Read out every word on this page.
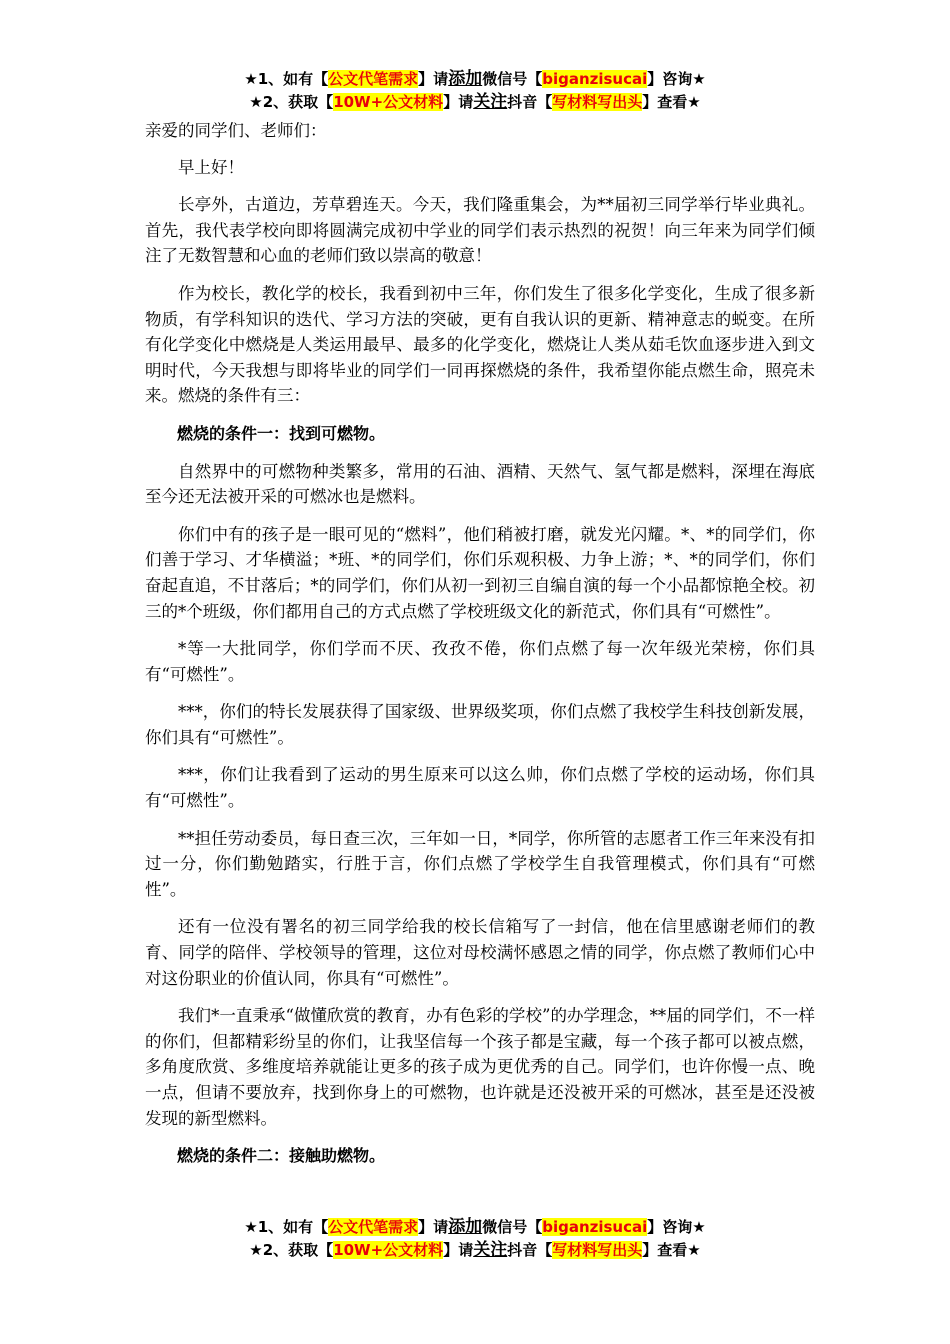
★1、如有【公文代笔需求】请添加微信号【biganzisucai】咨询★
★2、获取【10W+公文材料】请关注抖音【写材料写出头】查看★

亲爱的同学们、老师们：

早上好！

长亭外，古道边，芳草碧连天。今天，我们隆重集会，为**届初三同学举行毕业典礼。首先，我代表学校向即将圆满完成初中学业的同学们表示热烈的祝贺！向三年来为同学们倾注了无数智慧和心血的老师们致以崇高的敬意！

作为校长，教化学的校长，我看到初中三年，你们发生了很多化学变化，生成了很多新物质，有学科知识的迭代、学习方法的突破，更有自我认识的更新、精神意志的蜕变。在所有化学变化中燃烧是人类运用最早、最多的化学变化，燃烧让人类从茹毛饮血逐步进入到文明时代，今天我想与即将毕业的同学们一同再探燃烧的条件，我希望你能点燃生命，照亮未来。燃烧的条件有三：

燃烧的条件一：找到可燃物。

自然界中的可燃物种类繁多，常用的石油、酒精、天然气、氢气都是燃料，深埋在海底至今还无法被开采的可燃冰也是燃料。

你们中有的孩子是一眼可见的“燃料”，他们稍被打磨，就发光闪耀。*、*的同学们，你们善于学习、才华横溢；*班、*的同学们，你们乐观积极、力争上游；*、*的同学们，你们奋起直追，不甘落后；*的同学们，你们从初一到初三自编自演的每一个小品都惊艳全校。初三的*个班级，你们都用自己的方式点燃了学校班级文化的新范式，你们具有“可燃性”。

*等一大批同学，你们学而不厌、孜孜不倦，你们点燃了每一次年级光荣榜，你们具有“可燃性”。

***，你们的特长发展获得了国家级、世界级奖项，你们点燃了我校学生科技创新发展，你们具有“可燃性”。

***，你们让我看到了运动的男生原来可以这么帅，你们点燃了学校的运动场，你们具有“可燃性”。

**担任劳动委员，每日查三次，三年如一日，*同学，你所管的志愿者工作三年来没有扣过一分，你们勤勉踏实，行胜于言，你们点燃了学校学生自我管理模式，你们具有“可燃性”。

还有一位没有署名的初三同学给我的校长信箱写了一封信，他在信里感谢老师们的教育、同学的陪伴、学校领导的管理，这位对母校满怀感恩之情的同学，你点燃了教师们心中对这份职业的价值认同，你具有“可燃性”。

我们*一直秉承“做懂欣赏的教育，办有色彩的学校”的办学理念，**届的同学们，不一样的你们，但都精彩纷呈的你们，让我坚信每一个孩子都是宝藏，每一个孩子都可以被点燃，多角度欣赏、多维度培养就能让更多的孩子成为更优秀的自己。同学们，也许你慢一点、晚一点，但请不要放弃，找到你身上的可燃物，也许就是还没被开采的可燃冰，甚至是还没被发现的新型燃料。

燃烧的条件二：接触助燃物。

★1、如有【公文代笔需求】请添加微信号【biganzisucai】咨询★
★2、获取【10W+公文材料】请关注抖音【写材料写出头】查看★
